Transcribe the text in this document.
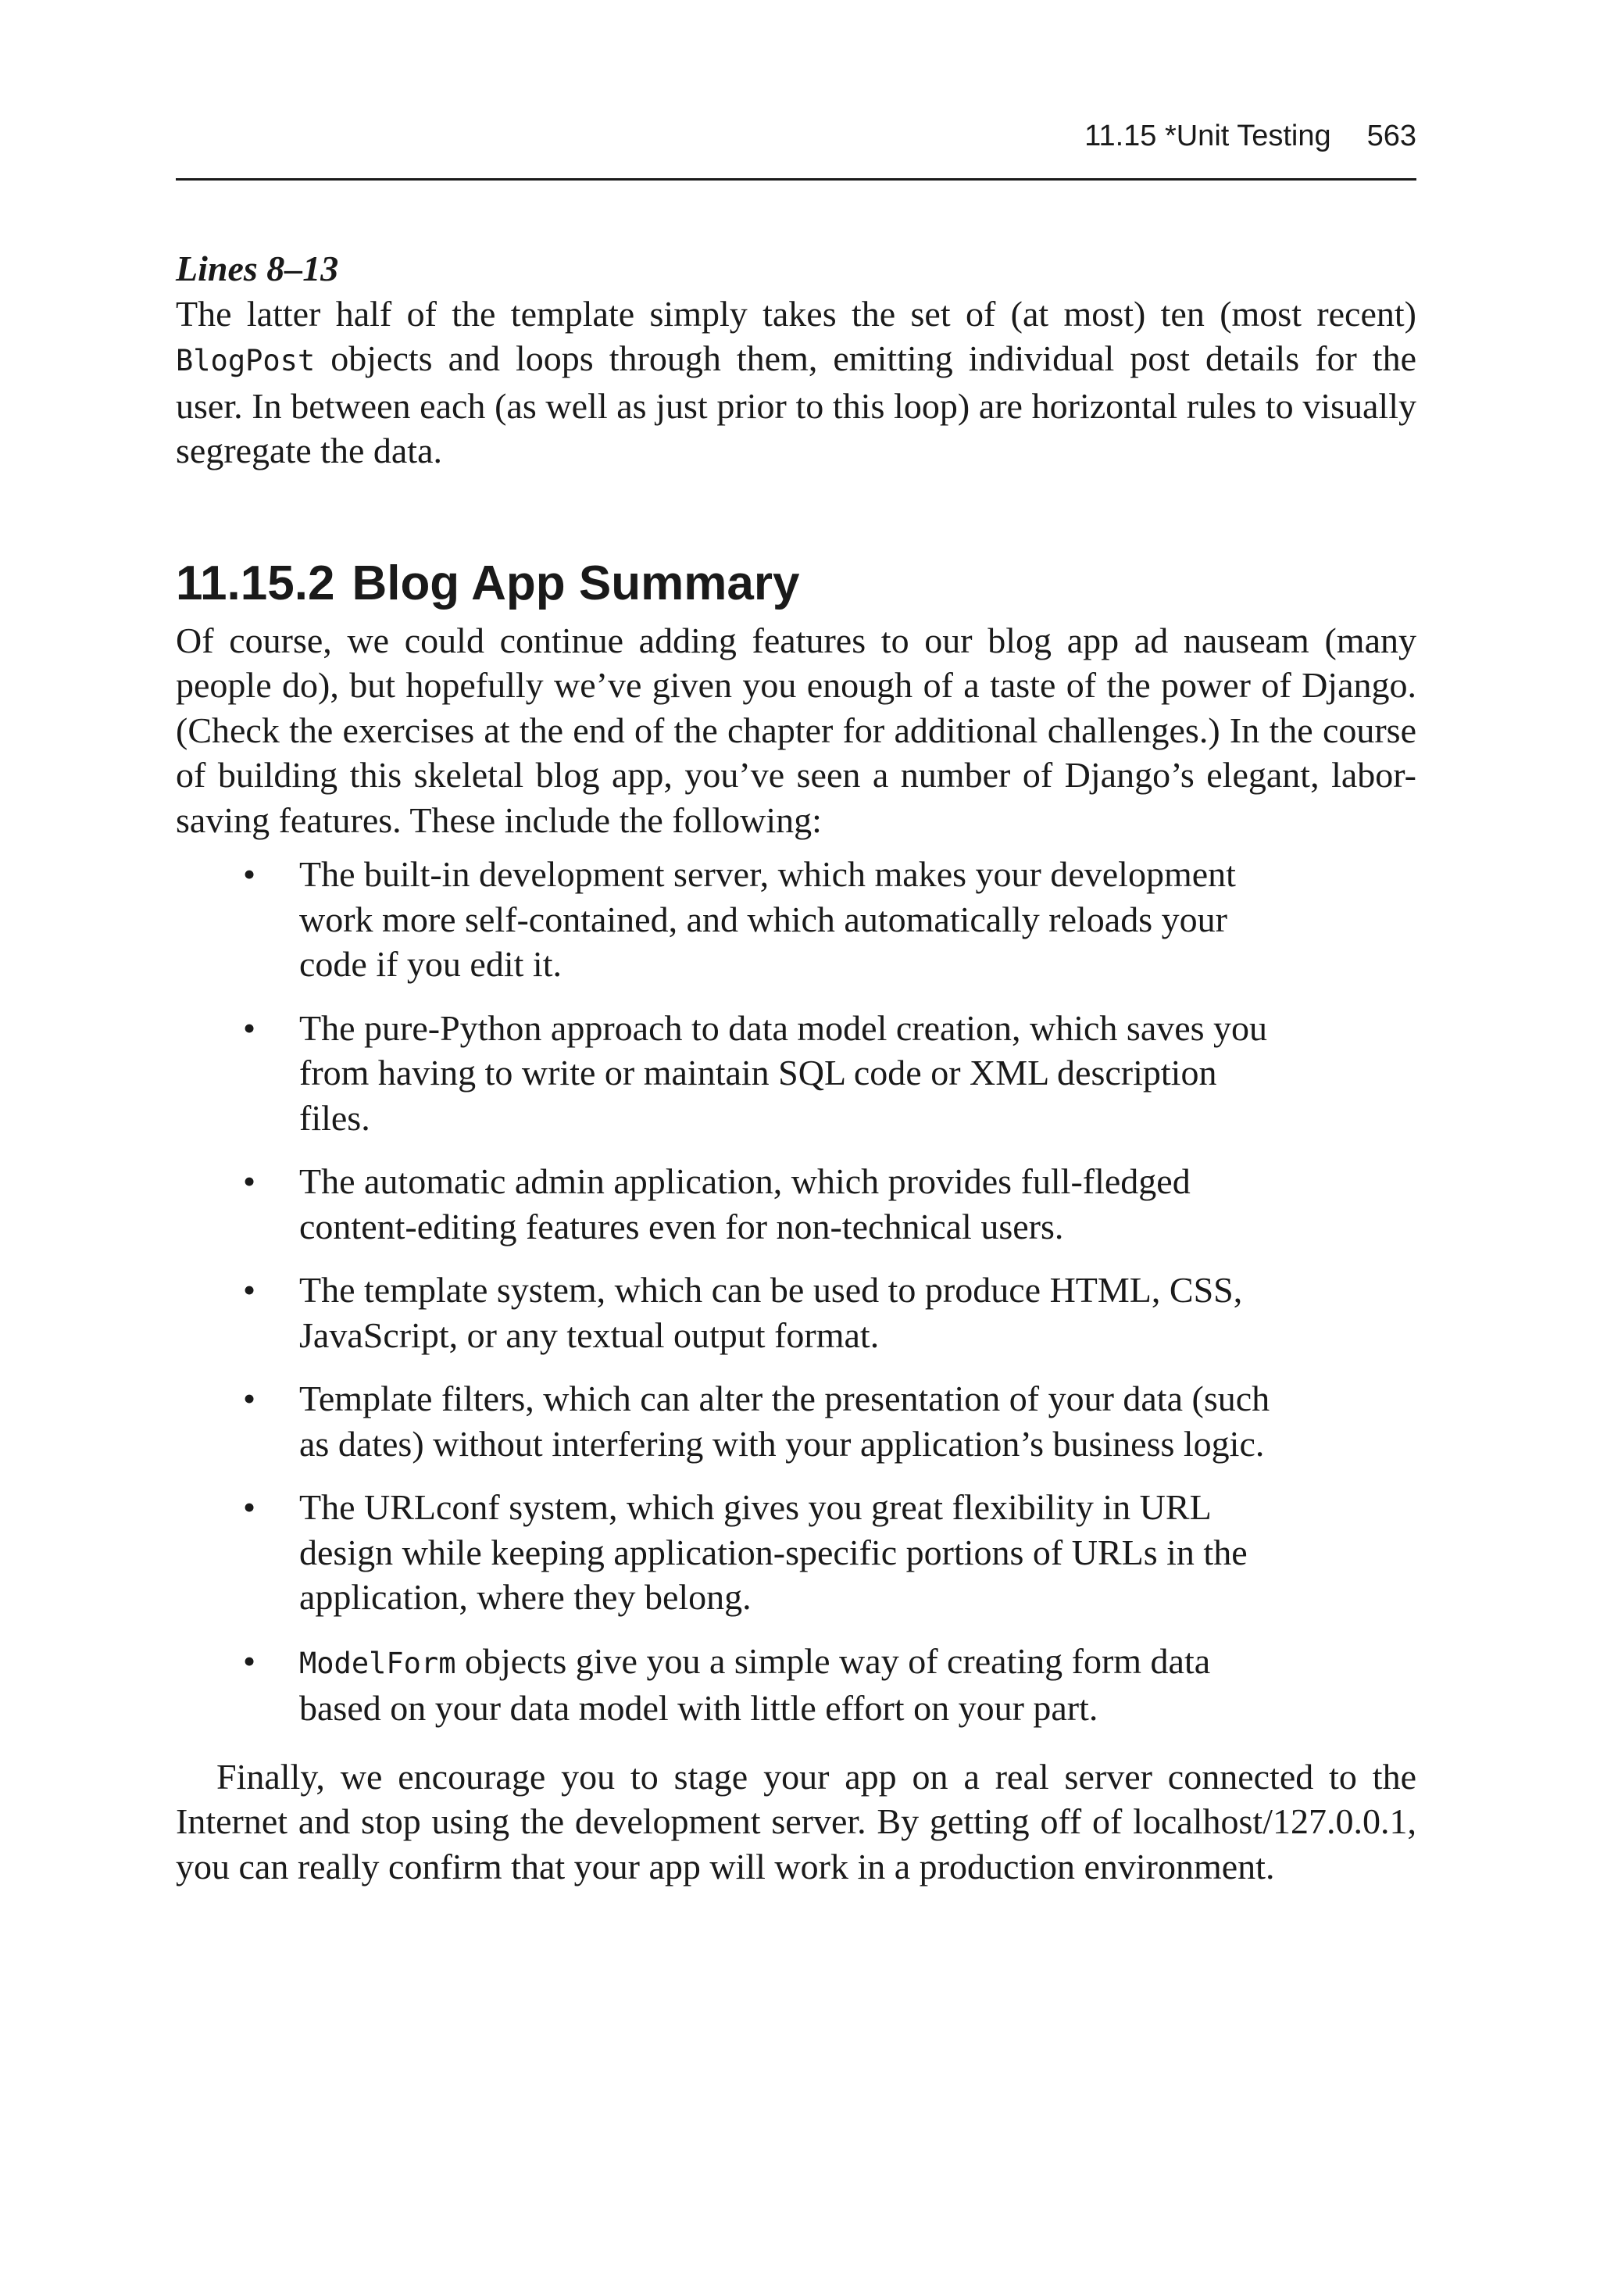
11.15 *Unit Testing 563
Lines 8–13

The latter half of the template simply takes the set of (at most) ten (most recent) BlogPost objects and loops through them, emitting individual post details for the user. In between each (as well as just prior to this loop) are horizontal rules to visually segregate the data.

11.15.2 Blog App Summary

Of course, we could continue adding features to our blog app ad nauseam (many people do), but hopefully we’ve given you enough of a taste of the power of Django. (Check the exercises at the end of the chapter for additional challenges.) In the course of building this skeletal blog app, you’ve seen a number of Django’s elegant, labor-saving features. These include the following:

• The built-in development server, which makes your development work more self-contained, and which automatically reloads your code if you edit it.
• The pure-Python approach to data model creation, which saves you from having to write or maintain SQL code or XML description files.
• The automatic admin application, which provides full-fledged content-editing features even for non-technical users.
• The template system, which can be used to produce HTML, CSS, JavaScript, or any textual output format.
• Template filters, which can alter the presentation of your data (such as dates) without interfering with your application’s business logic.
• The URLconf system, which gives you great flexibility in URL design while keeping application-specific portions of URLs in the application, where they belong.
• ModelForm objects give you a simple way of creating form data based on your data model with little effort on your part.

Finally, we encourage you to stage your app on a real server connected to the Internet and stop using the development server. By getting off of localhost/127.0.0.1, you can really confirm that your app will work in a production environment.
